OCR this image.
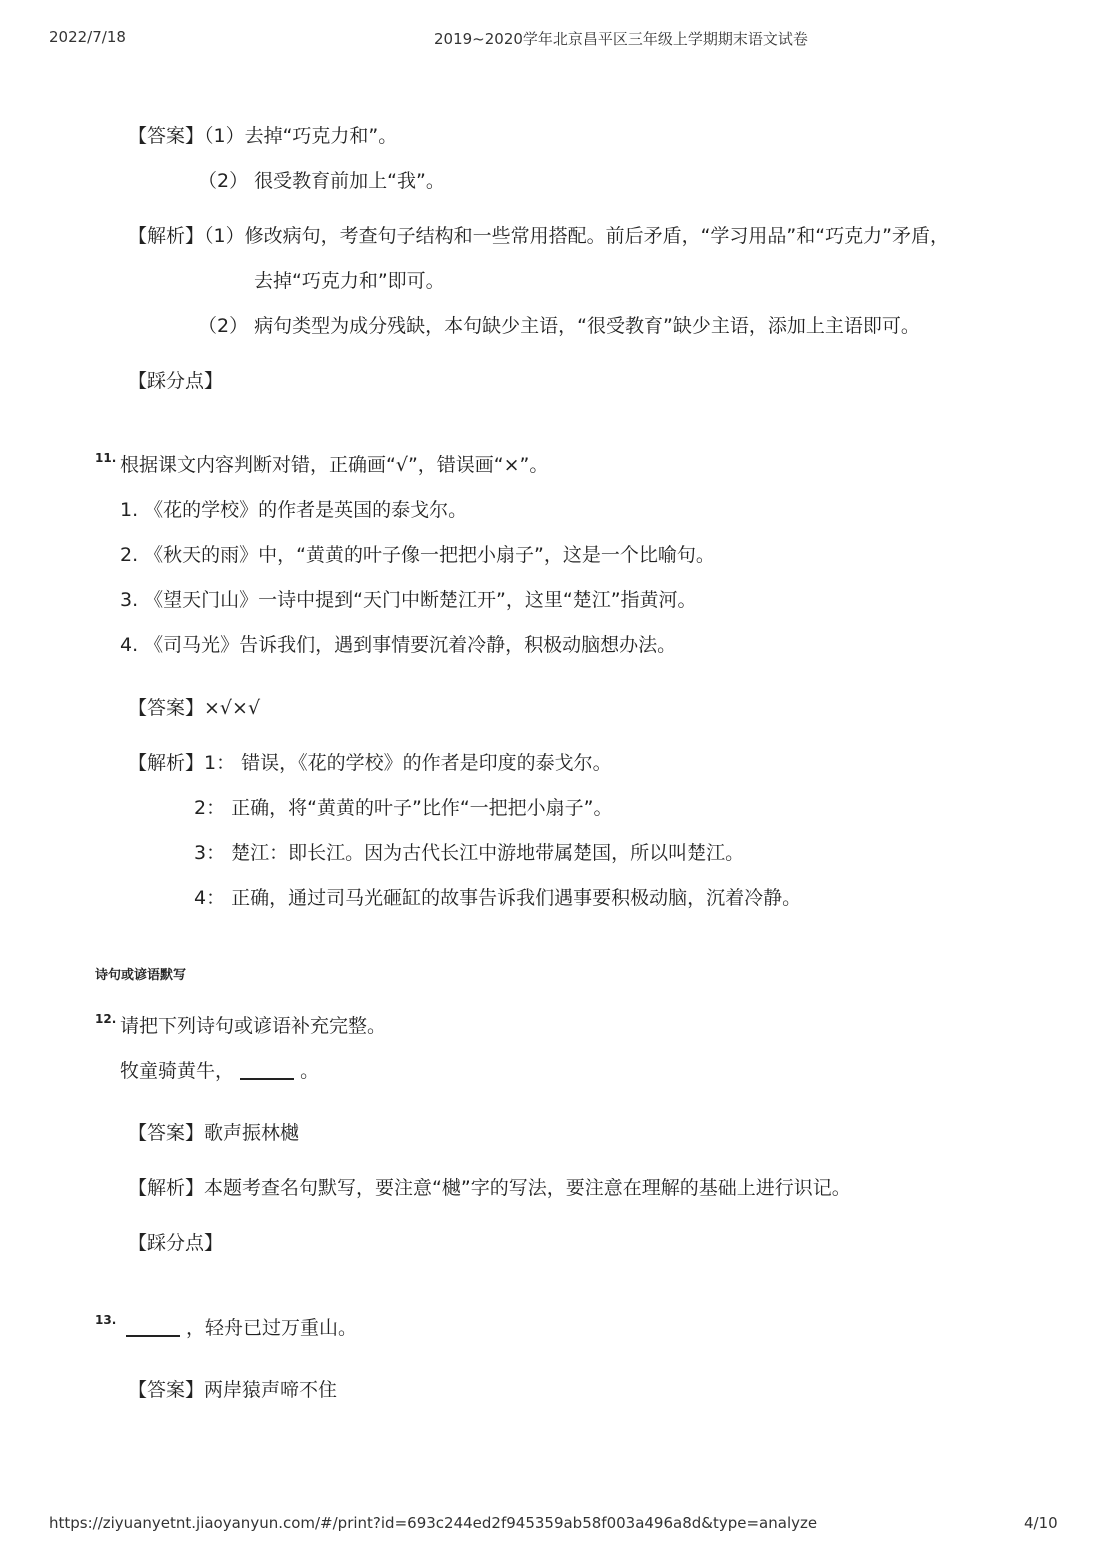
2022/7/18	2019~2020学年北京昌平区三年级上学期期末语文试卷
【答案】（1）去掉“巧克力和”。
（2） 很受教育前加上“我”。
【解析】（1）修改病句，考查句子结构和一些常用搭配。前后矛盾，“学习用品”和“巧克力”矛盾，
去掉“巧克力和”即可。
（2） 病句类型为成分残缺，本句缺少主语，“很受教育”缺少主语，添加上主语即可。
【踩分点】
11. 根据课文内容判断对错，正确画“√”，错误画“×”。
1. 《花的学校》的作者是英国的泰戈尔。
2. 《秋天的雨》中，“黄黄的叶子像一把把小扇子”，这是一个比喻句。
3. 《望天门山》一诗中提到“天门中断楚江开”，这里“楚江”指黄河。
4. 《司马光》告诉我们，遇到事情要沉着冷静，积极动脑想办法。
【答案】×√×√
【解析】1： 错误，《花的学校》的作者是印度的泰戈尔。
2： 正确，将“黄黄的叶子”比作“一把把小扇子”。
3： 楚江：即长江。因为古代长江中游地带属楚国，所以叫楚江。
4： 正确，通过司马光砸缸的故事告诉我们遇事要积极动脑，沉着冷静。
诗句或谚语默写
12. 请把下列诗句或谚语补充完整。
牧童骑黄牛，	。
【答案】歌声振林樾
【解析】本题考查名句默写，要注意“樾”字的写法，要注意在理解的基础上进行识记。
【踩分点】
13.	，轻舟已过万重山。
【答案】两岸猿声啼不住
https://ziyuanyetnt.jiaoyanyun.com/#/print?id=693c244ed2f945359ab58f003a496a8d&type=analyze	4/10
